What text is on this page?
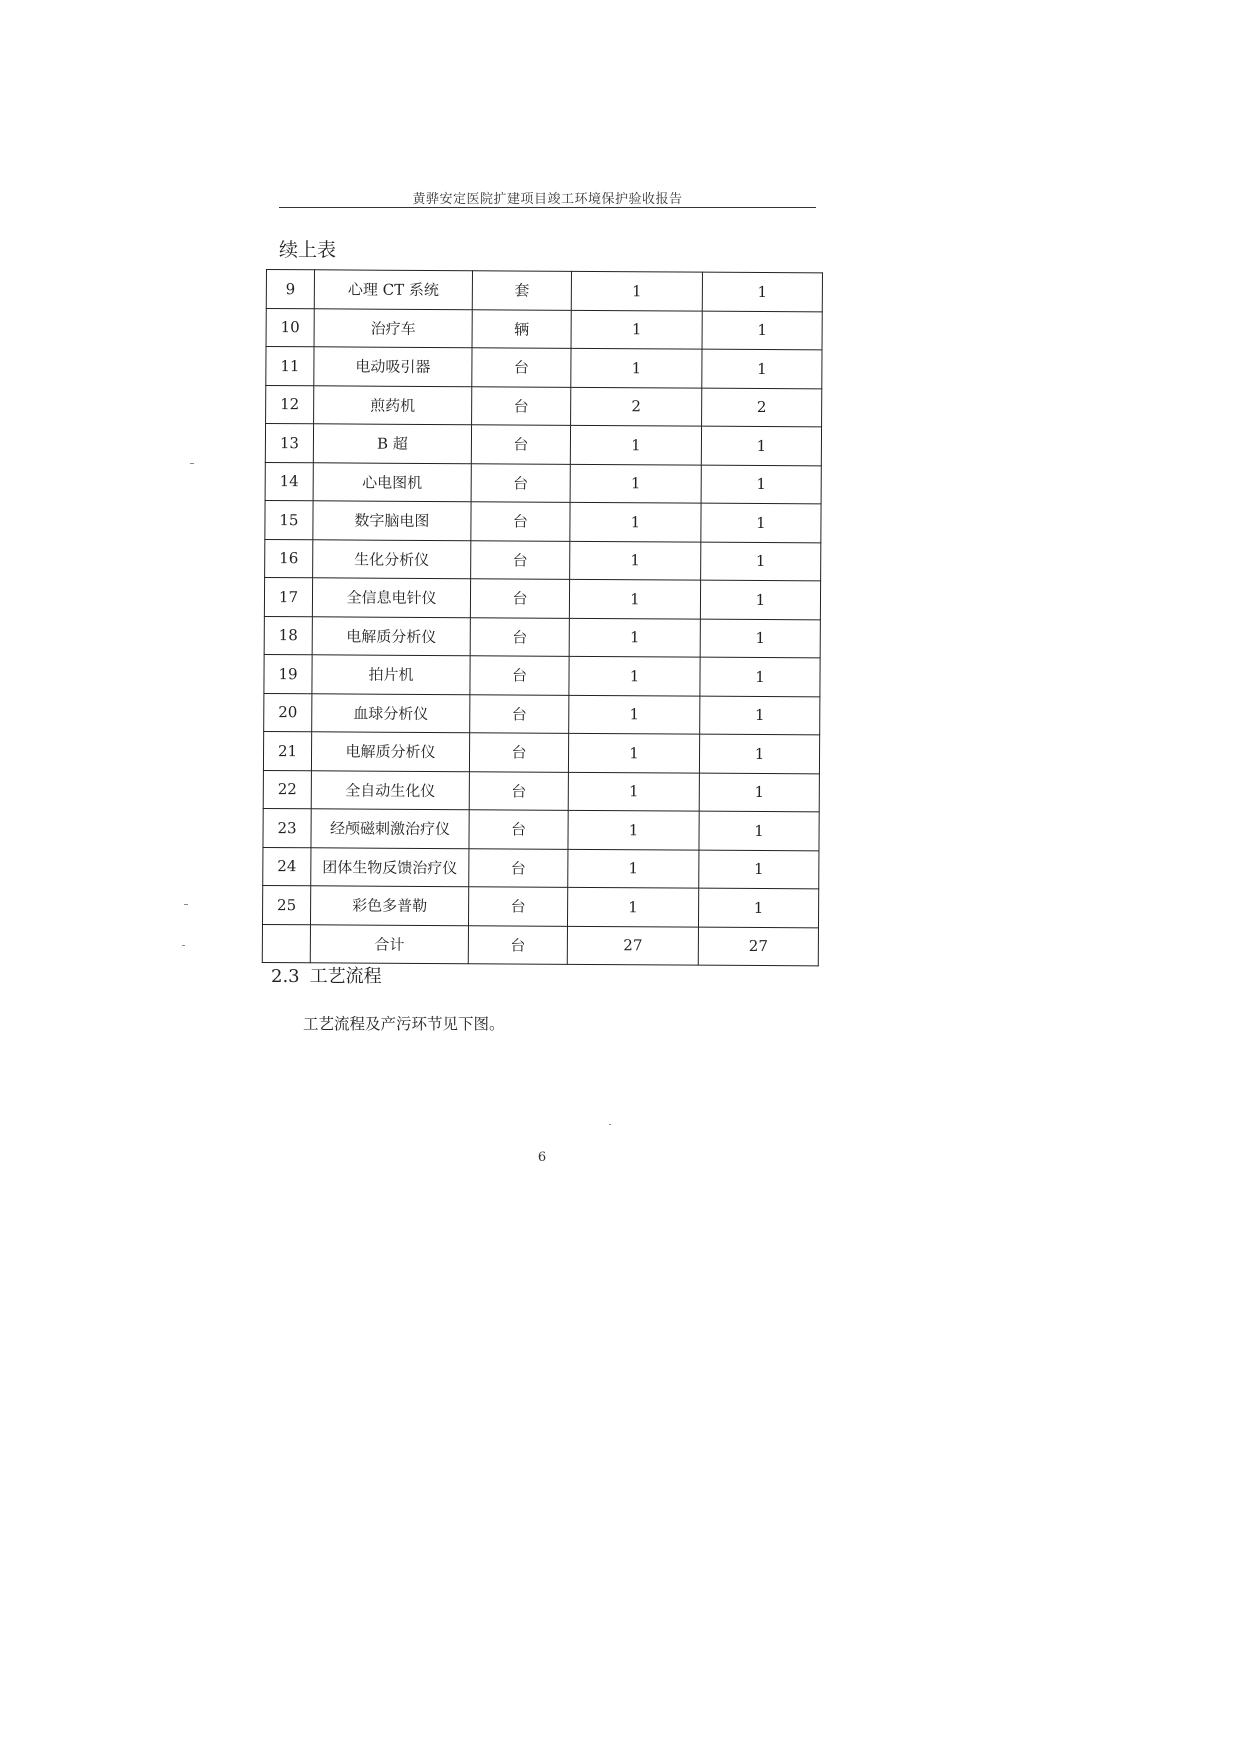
黄骅安定医院扩建项目竣工环境保护验收报告
续上表
9	心理 CT 系统	套	1	1
10	治疗车	辆	1	1
11	电动吸引器	台	1	1
12	煎药机	台	2	2
13	B 超	台	1	1
14	心电图机	台	1	1
15	数字脑电图	台	1	1
16	生化分析仪	台	1	1
17	全信息电针仪	台	1	1
18	电解质分析仪	台	1	1
19	拍片机	台	1	1
20	血球分析仪	台	1	1
21	电解质分析仪	台	1	1
22	全自动生化仪	台	1	1
23	经颅磁刺激治疗仪	台	1	1
24	团体生物反馈治疗仪	台	1	1
25	彩色多普勒	台	1	1
	合计	台	27	27
2.3 工艺流程
工艺流程及产污环节见下图。
6
